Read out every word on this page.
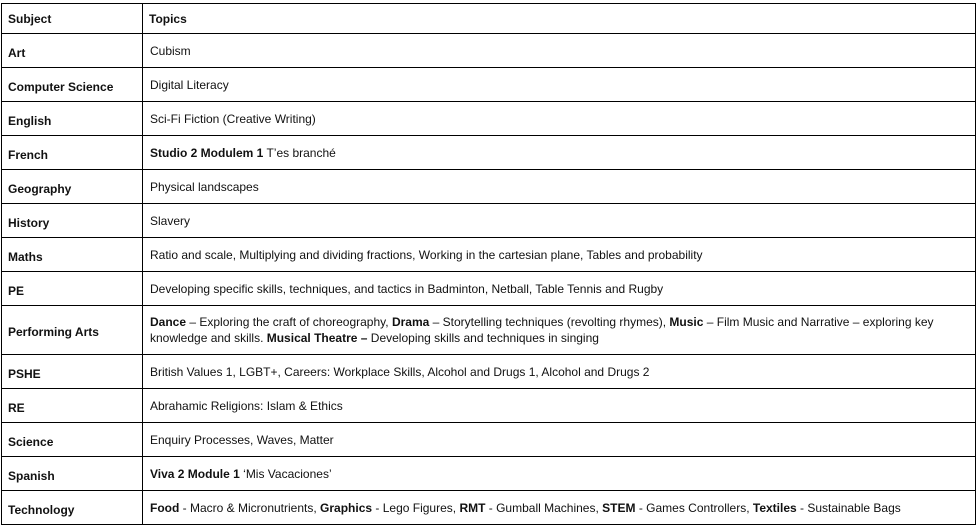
Subject	Topics
Art	Cubism
Computer Science	Digital Literacy
English	Sci-Fi Fiction (Creative Writing)
French	Studio 2 Modulem 1 T’es branché
Geography	Physical landscapes
History	Slavery
Maths	Ratio and scale, Multiplying and dividing fractions, Working in the cartesian plane, Tables and probability
PE	Developing specific skills, techniques, and tactics in Badminton, Netball, Table Tennis and Rugby
Performing Arts	Dance – Exploring the craft of choreography, Drama – Storytelling techniques (revolting rhymes), Music – Film Music and Narrative – exploring key knowledge and skills. Musical Theatre – Developing skills and techniques in singing
PSHE	British Values 1, LGBT+, Careers: Workplace Skills, Alcohol and Drugs 1, Alcohol and Drugs 2
RE	Abrahamic Religions: Islam & Ethics
Science	Enquiry Processes, Waves, Matter
Spanish	Viva 2 Module 1 ‘Mis Vacaciones’
Technology	Food - Macro & Micronutrients, Graphics - Lego Figures, RMT - Gumball Machines, STEM - Games Controllers, Textiles - Sustainable Bags
